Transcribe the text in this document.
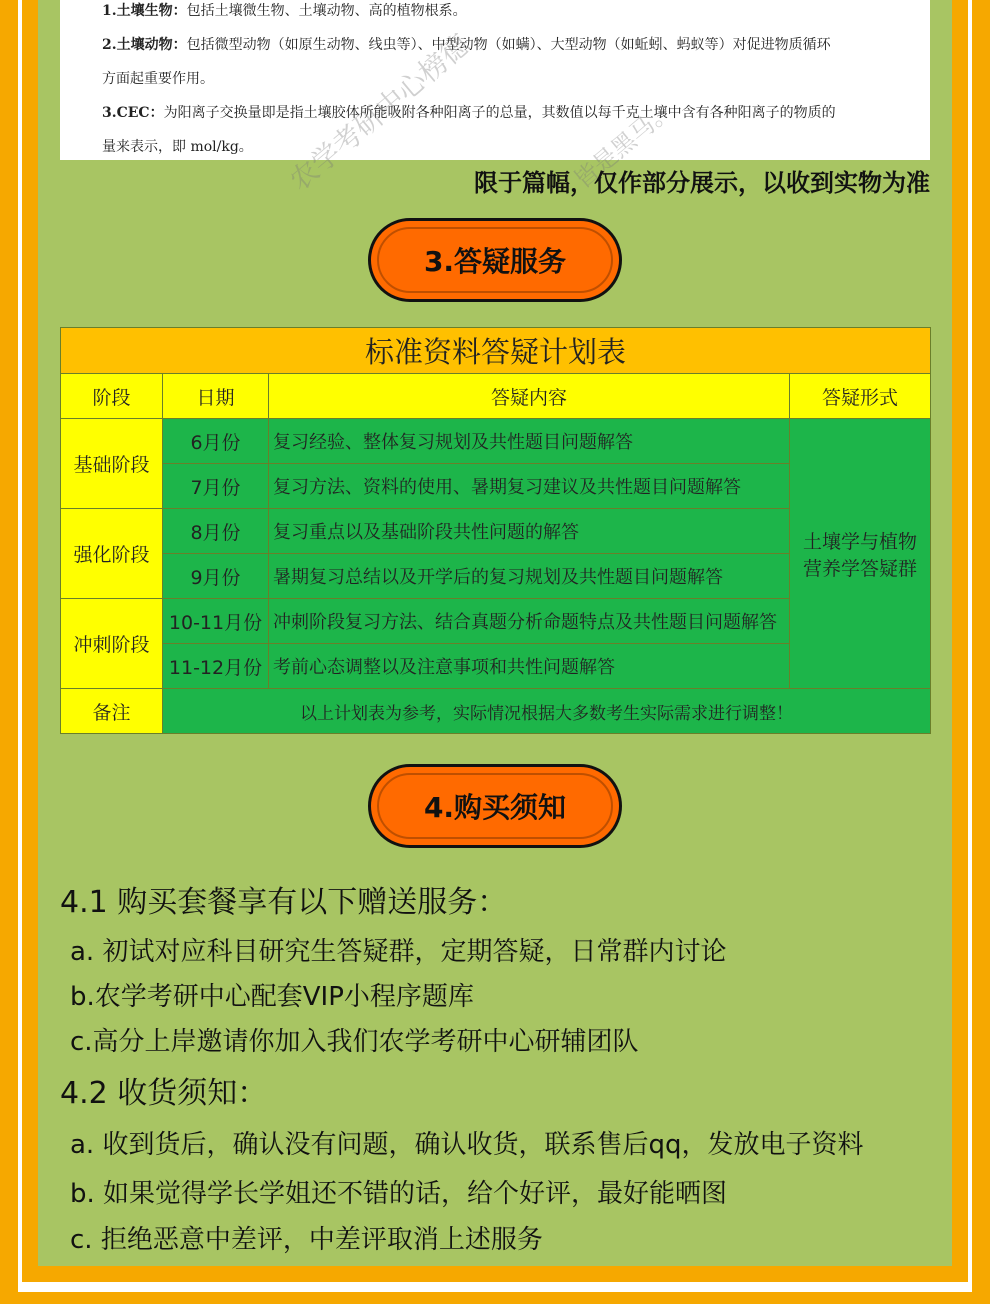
1.土壤生物：包括土壤微生物、土壤动物、高的植物根系。
2.土壤动物：包括微型动物（如原生动物、线虫等）、中型动物（如螨）、大型动物（如蚯蚓、蚂蚁等）对促进物质循环
方面起重要作用。
3.CEC：为阳离子交换量即是指土壤胶体所能吸附各种阳离子的总量，其数值以每千克土壤中含有各种阳离子的物质的
量来表示，即 mol/kg。 农学考研中心榜德	皆是黑马。
限于篇幅，仅作部分展示，以收到实物为准
3.答疑服务
标准资料答疑计划表			
阶段	日期	答疑内容	答疑形式
基础阶段	6月份	复习经验、整体复习规划及共性题目问题解答	土壤学与植物营养学答疑群
	7月份	复习方法、资料的使用、暑期复习建议及共性题目问题解答	
强化阶段	8月份	复习重点以及基础阶段共性问题的解答	
	9月份	暑期复习总结以及开学后的复习规划及共性题目问题解答	
冲刺阶段	10-11月份	冲刺阶段复习方法、结合真题分析命题特点及共性题目问题解答	
	11-12月份	考前心态调整以及注意事项和共性问题解答	
备注	以上计划表为参考，实际情况根据大多数考生实际需求进行调整！		
4.购买须知
4.1 购买套餐享有以下赠送服务：
a. 初试对应科目研究生答疑群，定期答疑，日常群内讨论
b.农学考研中心配套VIP小程序题库
c.高分上岸邀请你加入我们农学考研中心研辅团队
4.2 收货须知：
a. 收到货后，确认没有问题，确认收货，联系售后qq，发放电子资料
b. 如果觉得学长学姐还不错的话，给个好评，最好能晒图
c. 拒绝恶意中差评，中差评取消上述服务
